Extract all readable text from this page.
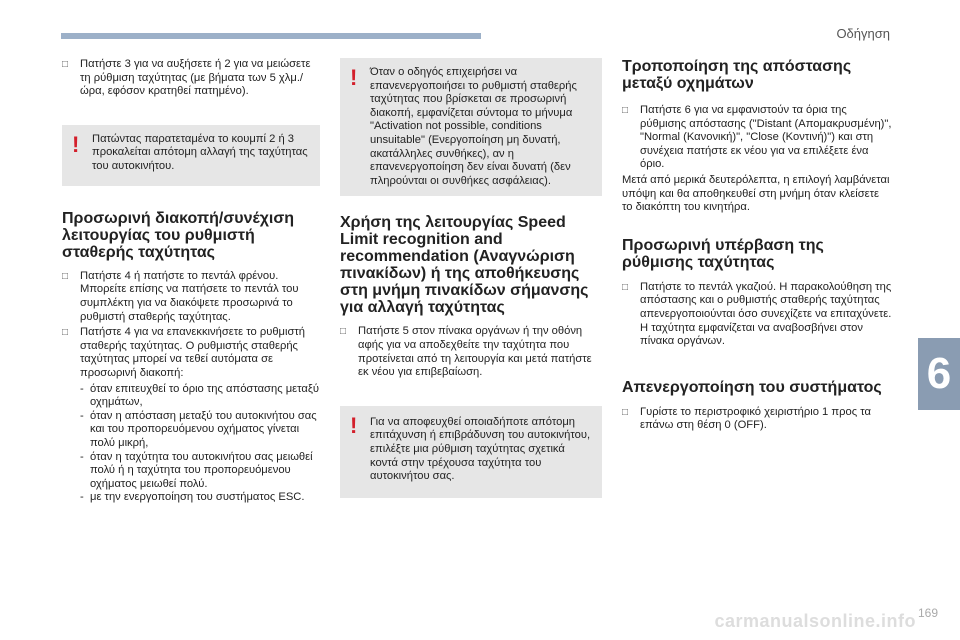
Οδήγηση
6
□ Πατήστε 3 για να αυξήσετε ή 2 για να μειώσετε τη ρύθμιση ταχύτητας (με βήματα των 5 χλμ./ώρα, εφόσον κρατηθεί πατημένο).
! Πατώντας παρατεταμένα το κουμπί 2 ή 3 προκαλείται απότομη αλλαγή της ταχύτητας του αυτοκινήτου.
Προσωρινή διακοπή/συνέχιση λειτουργίας του ρυθμιστή σταθερής ταχύτητας
□ Πατήστε 4 ή πατήστε το πεντάλ φρένου. Μπορείτε επίσης να πατήσετε το πεντάλ του συμπλέκτη για να διακόψετε προσωρινά το ρυθμιστή σταθερής ταχύτητας.
□ Πατήστε 4 για να επανεκκινήσετε το ρυθμιστή σταθερής ταχύτητας. Ο ρυθμιστής σταθερής ταχύτητας μπορεί να τεθεί αυτόματα σε προσωρινή διακοπή:
- όταν επιτευχθεί το όριο της απόστασης μεταξύ οχημάτων,
- όταν η απόσταση μεταξύ του αυτοκινήτου σας και του προπορευόμενου οχήματος γίνεται πολύ μικρή,
- όταν η ταχύτητα του αυτοκινήτου σας μειωθεί πολύ ή η ταχύτητα του προπορευόμενου οχήματος μειωθεί πολύ.
- με την ενεργοποίηση του συστήματος ESC.
! Όταν ο οδηγός επιχειρήσει να επανενεργοποιήσει το ρυθμιστή σταθερής ταχύτητας που βρίσκεται σε προσωρινή διακοπή, εμφανίζεται σύντομα το μήνυμα "Activation not possible, conditions unsuitable" (Ενεργοποίηση μη δυνατή, ακατάλληλες συνθήκες), αν η επανενεργοποίηση δεν είναι δυνατή (δεν πληρούνται οι συνθήκες ασφάλειας).
Χρήση της λειτουργίας Speed Limit recognition and recommendation (Αναγνώριση πινακίδων) ή της αποθήκευσης στη μνήμη πινακίδων σήμανσης για αλλαγή ταχύτητας
□ Πατήστε 5 στον πίνακα οργάνων ή την οθόνη αφής για να αποδεχθείτε την ταχύτητα που προτείνεται από τη λειτουργία και μετά πατήστε εκ νέου για επιβεβαίωση.
! Για να αποφευχθεί οποιαδήποτε απότομη επιτάχυνση ή επιβράδυνση του αυτοκινήτου, επιλέξτε μια ρύθμιση ταχύτητας σχετικά κοντά στην τρέχουσα ταχύτητα του αυτοκινήτου σας.
Τροποποίηση της απόστασης μεταξύ οχημάτων
□ Πατήστε 6 για να εμφανιστούν τα όρια της ρύθμισης απόστασης ("Distant (Απομακρυσμένη)", "Normal (Κανονική)", "Close (Κοντινή)") και στη συνέχεια πατήστε εκ νέου για να επιλέξετε ένα όριο.

Μετά από μερικά δευτερόλεπτα, η επιλογή λαμβάνεται υπόψη και θα αποθηκευθεί στη μνήμη όταν κλείσετε το διακόπτη του κινητήρα.

Προσωρινή υπέρβαση της ρύθμισης ταχύτητας
□ Πατήστε το πεντάλ γκαζιού. Η παρακολούθηση της απόστασης και ο ρυθμιστής σταθερής ταχύτητας απενεργοποιούνται όσο συνεχίζετε να επιταχύνετε. Η ταχύτητα εμφανίζεται να αναβοσβήνει στον πίνακα οργάνων.
Απενεργοποίηση του συστήματος
□ Γυρίστε το περιστροφικό χειριστήριο 1 προς τα επάνω στη θέση 0 (OFF).
carmanualsonline.info 169
